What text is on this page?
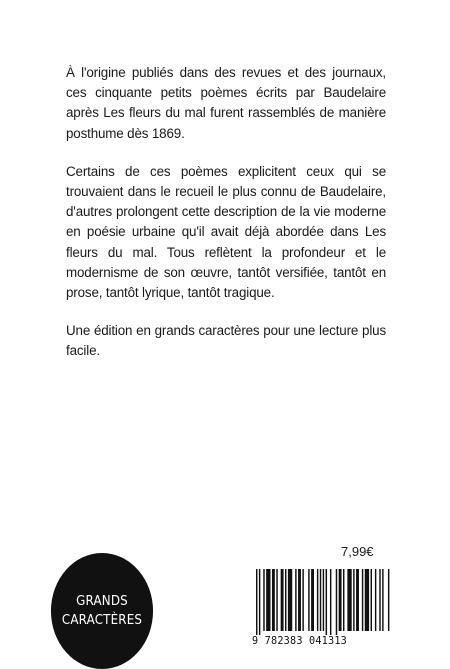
À l'origine publiés dans des revues et des journaux, ces cinquante petits poèmes écrits par Baudelaire après Les fleurs du mal furent rassemblés de manière posthume dès 1869.

Certains de ces poèmes explicitent ceux qui se trouvaient dans le recueil le plus connu de Baudelaire, d'autres prolongent cette description de la vie moderne en poésie urbaine qu'il avait déjà abordée dans Les fleurs du mal. Tous reflètent la profondeur et le modernisme de son œuvre, tantôt versifiée, tantôt en prose, tantôt lyrique, tantôt tragique.

Une édition en grands caractères pour une lecture plus facile.

7,99€
GRANDS
CARACTÈRES
9 782383 041313
